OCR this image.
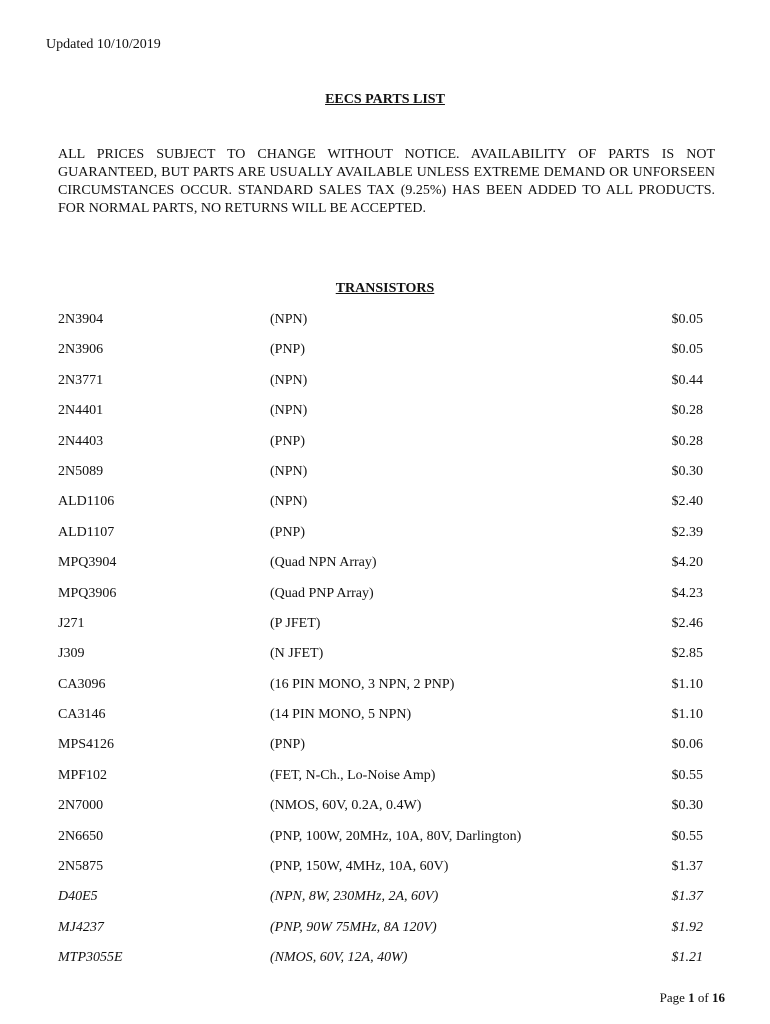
Updated 10/10/2019
EECS PARTS LIST
ALL PRICES SUBJECT TO CHANGE WITHOUT NOTICE. AVAILABILITY OF PARTS IS NOT GUARANTEED, BUT PARTS ARE USUALLY AVAILABLE UNLESS EXTREME DEMAND OR UNFORSEEN CIRCUMSTANCES OCCUR. STANDARD SALES TAX (9.25%) HAS BEEN ADDED TO ALL PRODUCTS. FOR NORMAL PARTS, NO RETURNS WILL BE ACCEPTED.
TRANSISTORS
2N3904	(NPN)	$0.05
2N3906	(PNP)	$0.05
2N3771	(NPN)	$0.44
2N4401	(NPN)	$0.28
2N4403	(PNP)	$0.28
2N5089	(NPN)	$0.30
ALD1106	(NPN)	$2.40
ALD1107	(PNP)	$2.39
MPQ3904	(Quad NPN Array)	$4.20
MPQ3906	(Quad PNP Array)	$4.23
J271	(P JFET)	$2.46
J309	(N JFET)	$2.85
CA3096	(16 PIN MONO, 3 NPN, 2 PNP)	$1.10
CA3146	(14 PIN MONO, 5 NPN)	$1.10
MPS4126	(PNP)	$0.06
MPF102	(FET, N-Ch., Lo-Noise Amp)	$0.55
2N7000	(NMOS, 60V, 0.2A, 0.4W)	$0.30
2N6650	(PNP, 100W, 20MHz, 10A, 80V, Darlington)	$0.55
2N5875	(PNP, 150W, 4MHz, 10A, 60V)	$1.37
D40E5	(NPN, 8W, 230MHz, 2A, 60V)	$1.37
MJ4237	(PNP, 90W 75MHz, 8A 120V)	$1.92
MTP3055E	(NMOS, 60V, 12A, 40W)	$1.21
Page 1 of 16
